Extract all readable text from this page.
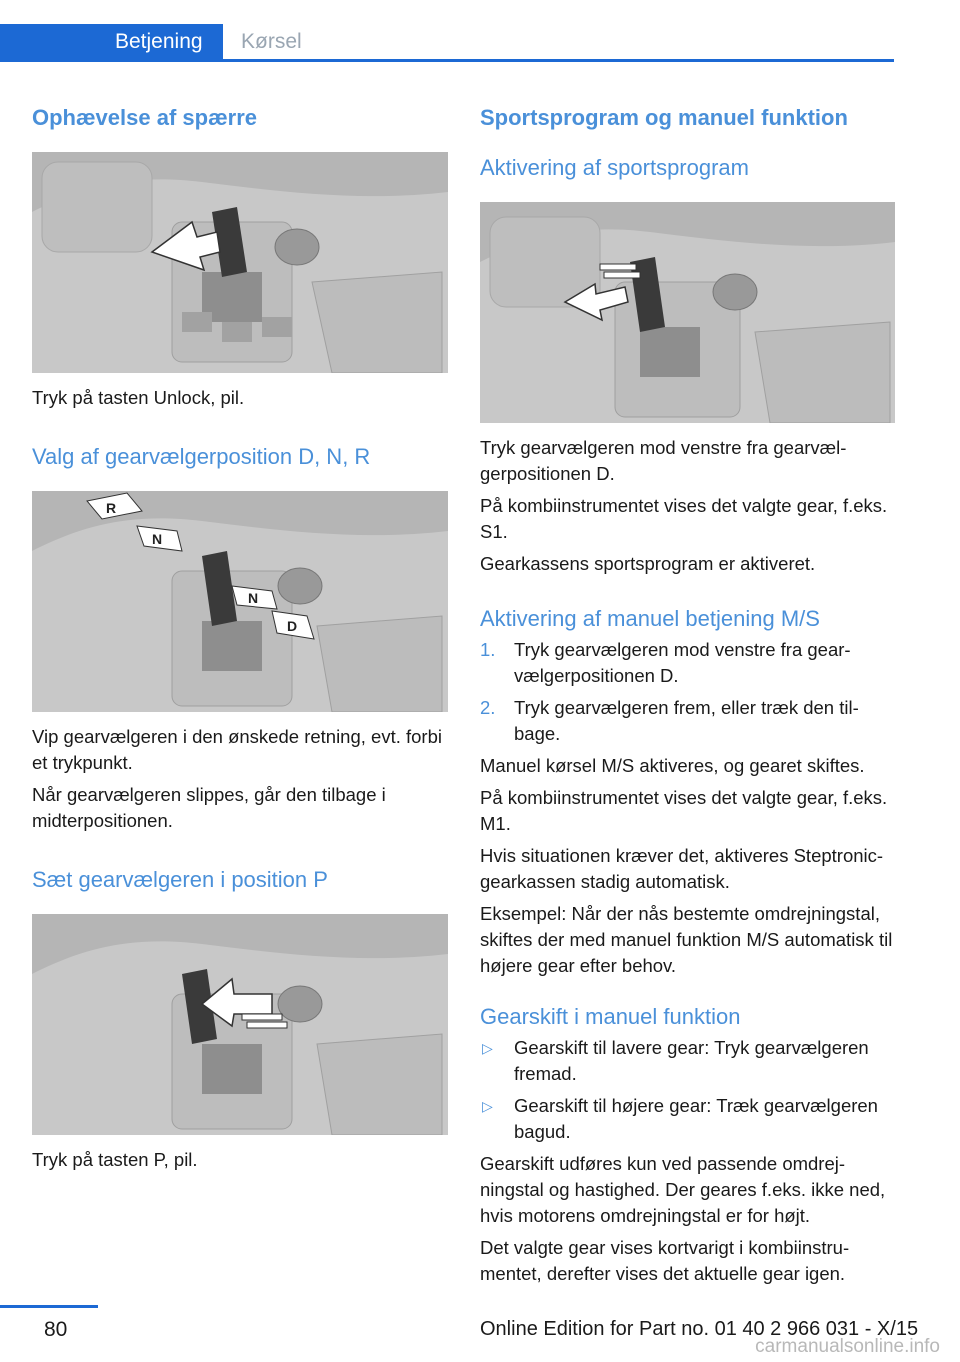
Betjening	Kørsel
Ophævelse af spærre

Tryk på tasten Unlock, pil.

Valg af gearvælgerposition D, N, R
R
N
N
D

Vip gearvælgeren i den ønskede retning, evt. forbi et trykpunkt.

Når gearvælgeren slippes, går den tilbage i midterpositionen.

Sæt gearvælgeren i position P

Tryk på tasten P, pil.

Sportsprogram og manuel funktion
Aktivering af sportsprogram

Tryk gearvælgeren mod venstre fra gearvælgerpositionen D.

På kombiinstrumentet vises det valgte gear, f.eks. S1.

Gearkassens sportsprogram er aktiveret.

Aktivering af manuel betjening M/S
1. Tryk gearvælgeren mod venstre fra gearvælgerpositionen D.
2. Tryk gearvælgeren frem, eller træk den tilbage.

Manuel kørsel M/S aktiveres, og gearet skiftes.

På kombiinstrumentet vises det valgte gear, f.eks. M1.

Hvis situationen kræver det, aktiveres Steptronic-gearkassen stadig automatisk.

Eksempel: Når der nås bestemte omdrejningstal, skiftes der med manuel funktion M/S automatisk til højere gear efter behov.

Gearskift i manuel funktion
▷ Gearskift til lavere gear: Tryk gearvælgeren fremad.
▷ Gearskift til højere gear: Træk gearvælgeren bagud.

Gearskift udføres kun ved passende omdrejningstal og hastighed. Der geares f.eks. ikke ned, hvis motorens omdrejningstal er for højt.

Det valgte gear vises kortvarigt i kombiinstrumentet, derefter vises det aktuelle gear igen.

80	Online Edition for Part no. 01 40 2 966 031 - X/15
carmanualsonline.info
